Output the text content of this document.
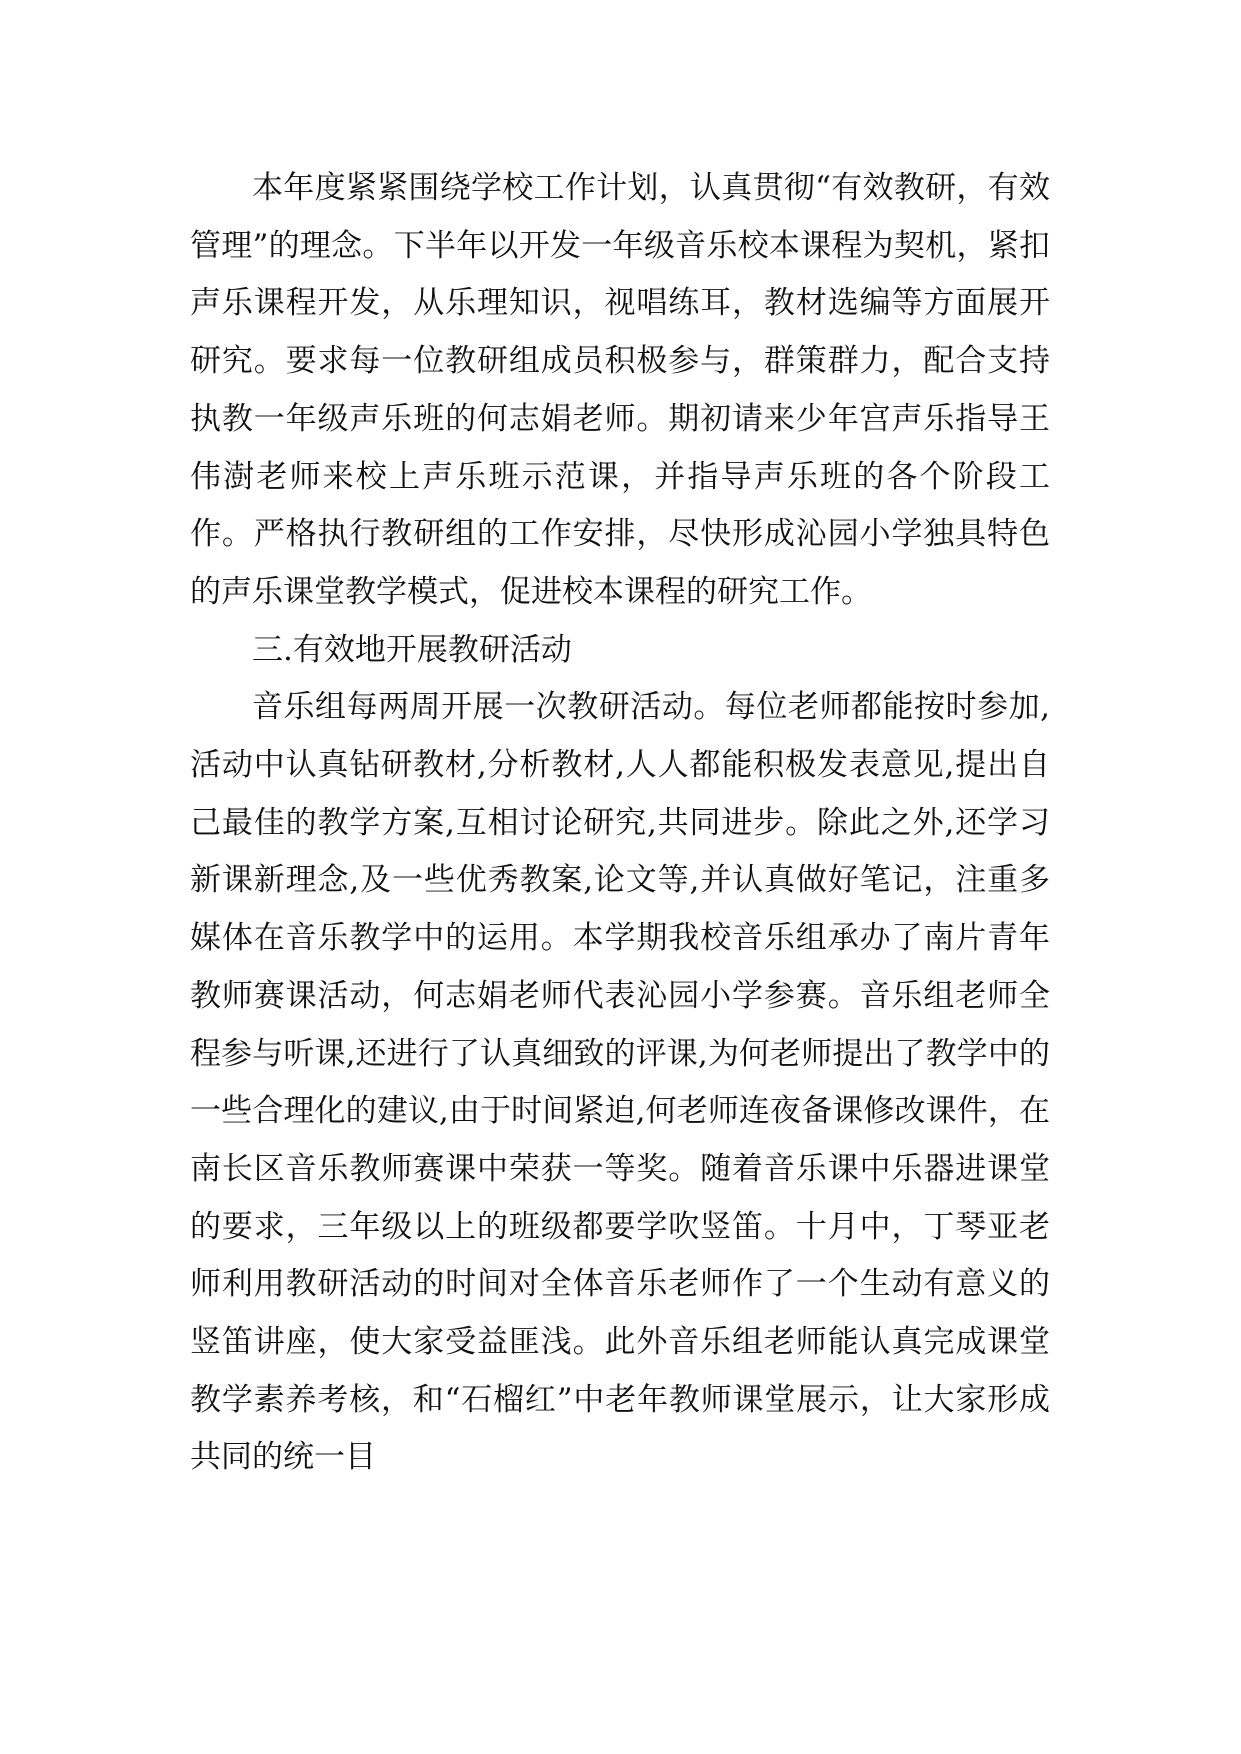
本年度紧紧围绕学校工作计划，认真贯彻“有效教研，有效管理”的理念。下半年以开发一年级音乐校本课程为契机，紧扣声乐课程开发，从乐理知识，视唱练耳，教材选编等方面展开研究。要求每一位教研组成员积极参与，群策群力，配合支持执教一年级声乐班的何志娟老师。期初请来少年宫声乐指导王伟澍老师来校上声乐班示范课，并指导声乐班的各个阶段工作。严格执行教研组的工作安排，尽快形成沁园小学独具特色的声乐课堂教学模式，促进校本课程的研究工作。

三.有效地开展教研活动

音乐组每两周开展一次教研活动。每位老师都能按时参加,活动中认真钻研教材,分析教材,人人都能积极发表意见,提出自己最佳的教学方案,互相讨论研究,共同进步。除此之外,还学习新课新理念,及一些优秀教案,论文等,并认真做好笔记，注重多媒体在音乐教学中的运用。本学期我校音乐组承办了南片青年教师赛课活动，何志娟老师代表沁园小学参赛。音乐组老师全程参与听课,还进行了认真细致的评课,为何老师提出了教学中的一些合理化的建议,由于时间紧迫,何老师连夜备课修改课件，在南长区音乐教师赛课中荣获一等奖。随着音乐课中乐器进课堂的要求，三年级以上的班级都要学吹竖笛。十月中，丁琴亚老师利用教研活动的时间对全体音乐老师作了一个生动有意义的竖笛讲座，使大家受益匪浅。此外音乐组老师能认真完成课堂教学素养考核，和“石榴红”中老年教师课堂展示，让大家形成共同的统一目
